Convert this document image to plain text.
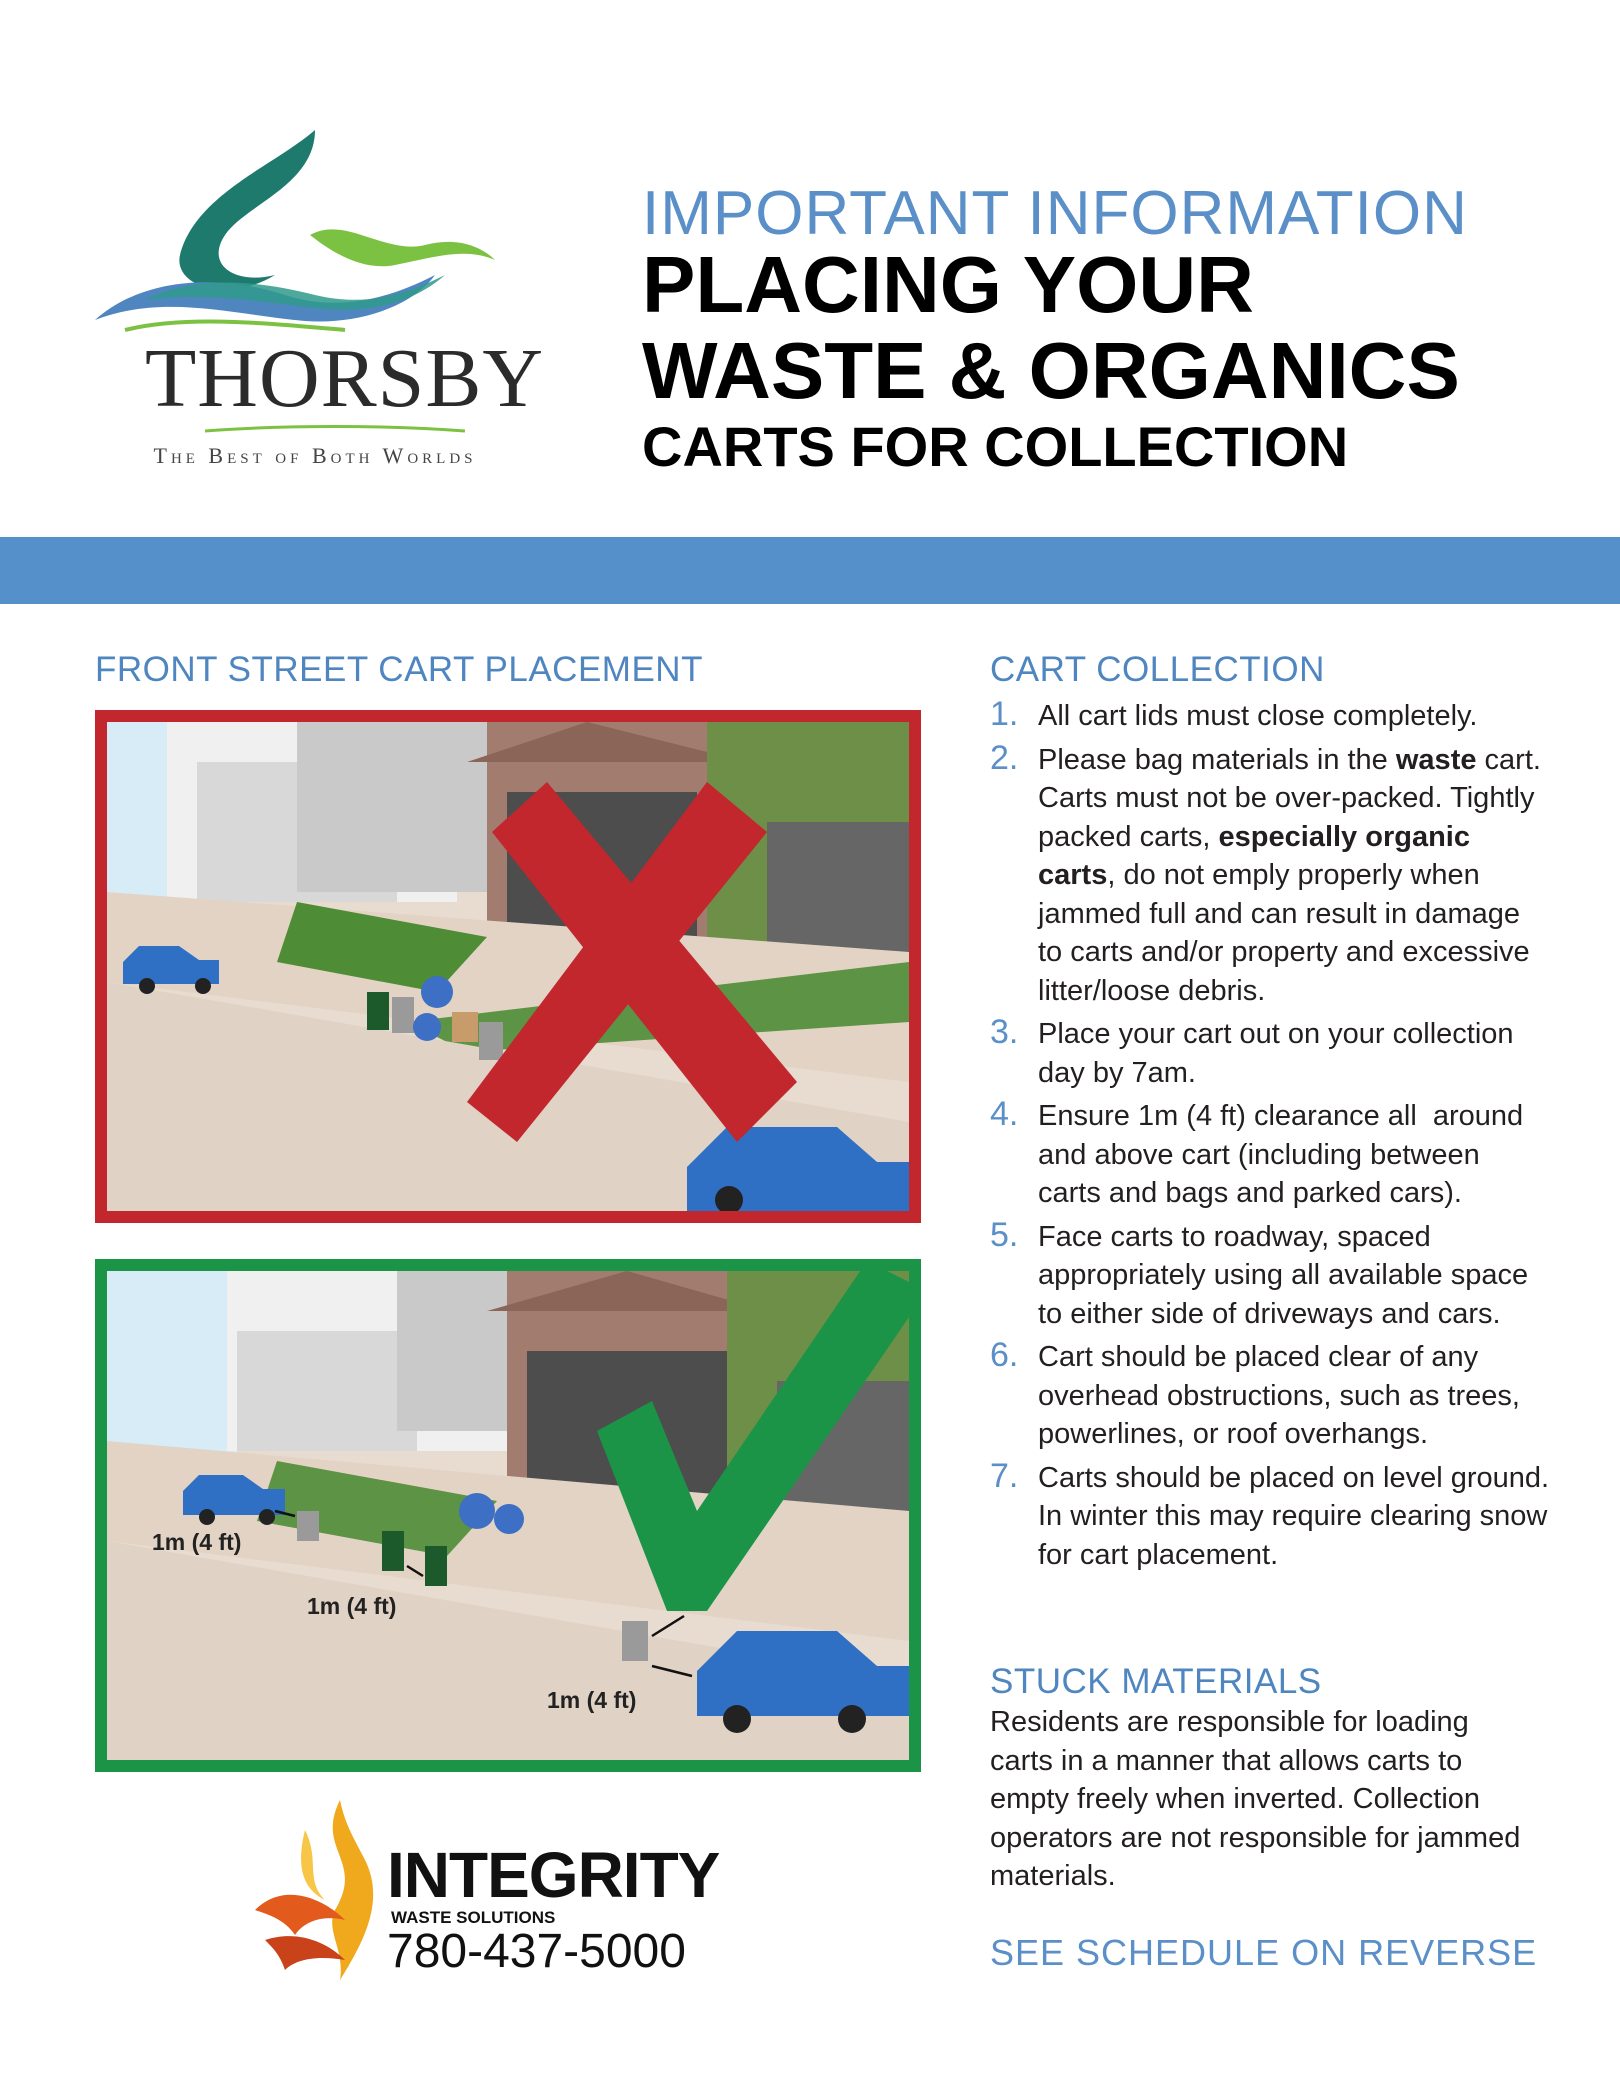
THORSBY
The Best of Both Worlds
IMPORTANT INFORMATION
PLACING YOUR
WASTE & ORGANICS
CARTS FOR COLLECTION
FRONT STREET CART PLACEMENT
1m (4 ft)
1m (4 ft)
1m (4 ft)
INTEGRITY
WASTE SOLUTIONS
780-437-5000
CART COLLECTION
1. All cart lids must close completely.
2. Please bag materials in the waste cart. Carts must not be over-packed. Tightly packed carts, especially organic carts, do not emply properly when jammed full and can result in damage to carts and/or property and excessive litter/loose debris.
3. Place your cart out on your collection day by 7am.
4. Ensure 1m (4 ft) clearance all  around and above cart (including between carts and bags and parked cars).
5. Face carts to roadway, spaced appropriately using all available space to either side of driveways and cars.
6. Cart should be placed clear of any overhead obstructions, such as trees, powerlines, or roof overhangs.
7. Carts should be placed on level ground. In winter this may require clearing snow for cart placement.
STUCK MATERIALS
Residents are responsible for loading carts in a manner that allows carts to empty freely when inverted. Collection operators are not responsible for jammed materials.
SEE SCHEDULE ON REVERSE
